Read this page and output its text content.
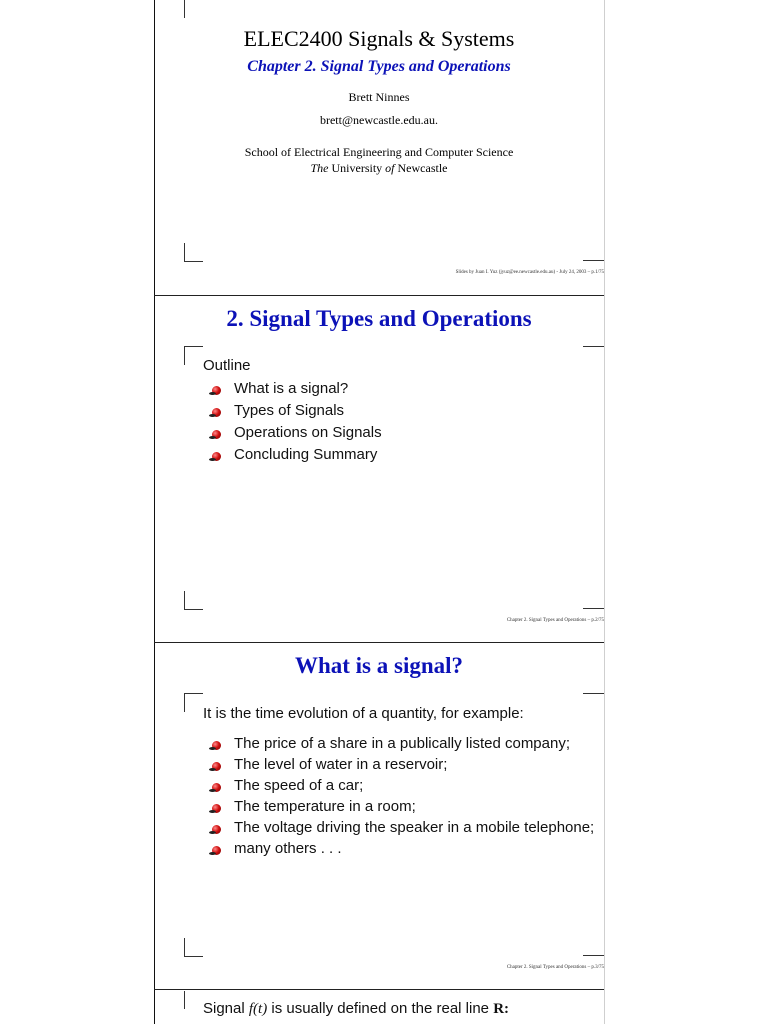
ELEC2400 Signals & Systems
Chapter 2. Signal Types and Operations
Brett Ninnes
brett@newcastle.edu.au.
School of Electrical Engineering and Computer Science
The University of Newcastle
Slides by Juan I. Yuz (jyuz@ee.newcastle.edu.au) - July 24, 2003 – p.1/75
2. Signal Types and Operations
Outline
What is a signal?
Types of Signals
Operations on Signals
Concluding Summary
Chapter 2. Signal Types and Operations – p.2/75
What is a signal?
It is the time evolution of a quantity, for example:
The price of a share in a publically listed company;
The level of water in a reservoir;
The speed of a car;
The temperature in a room;
The voltage driving the speaker in a mobile telephone;
many others . . .
Chapter 2. Signal Types and Operations – p.3/75
Signal f(t) is usually defined on the real line R:
